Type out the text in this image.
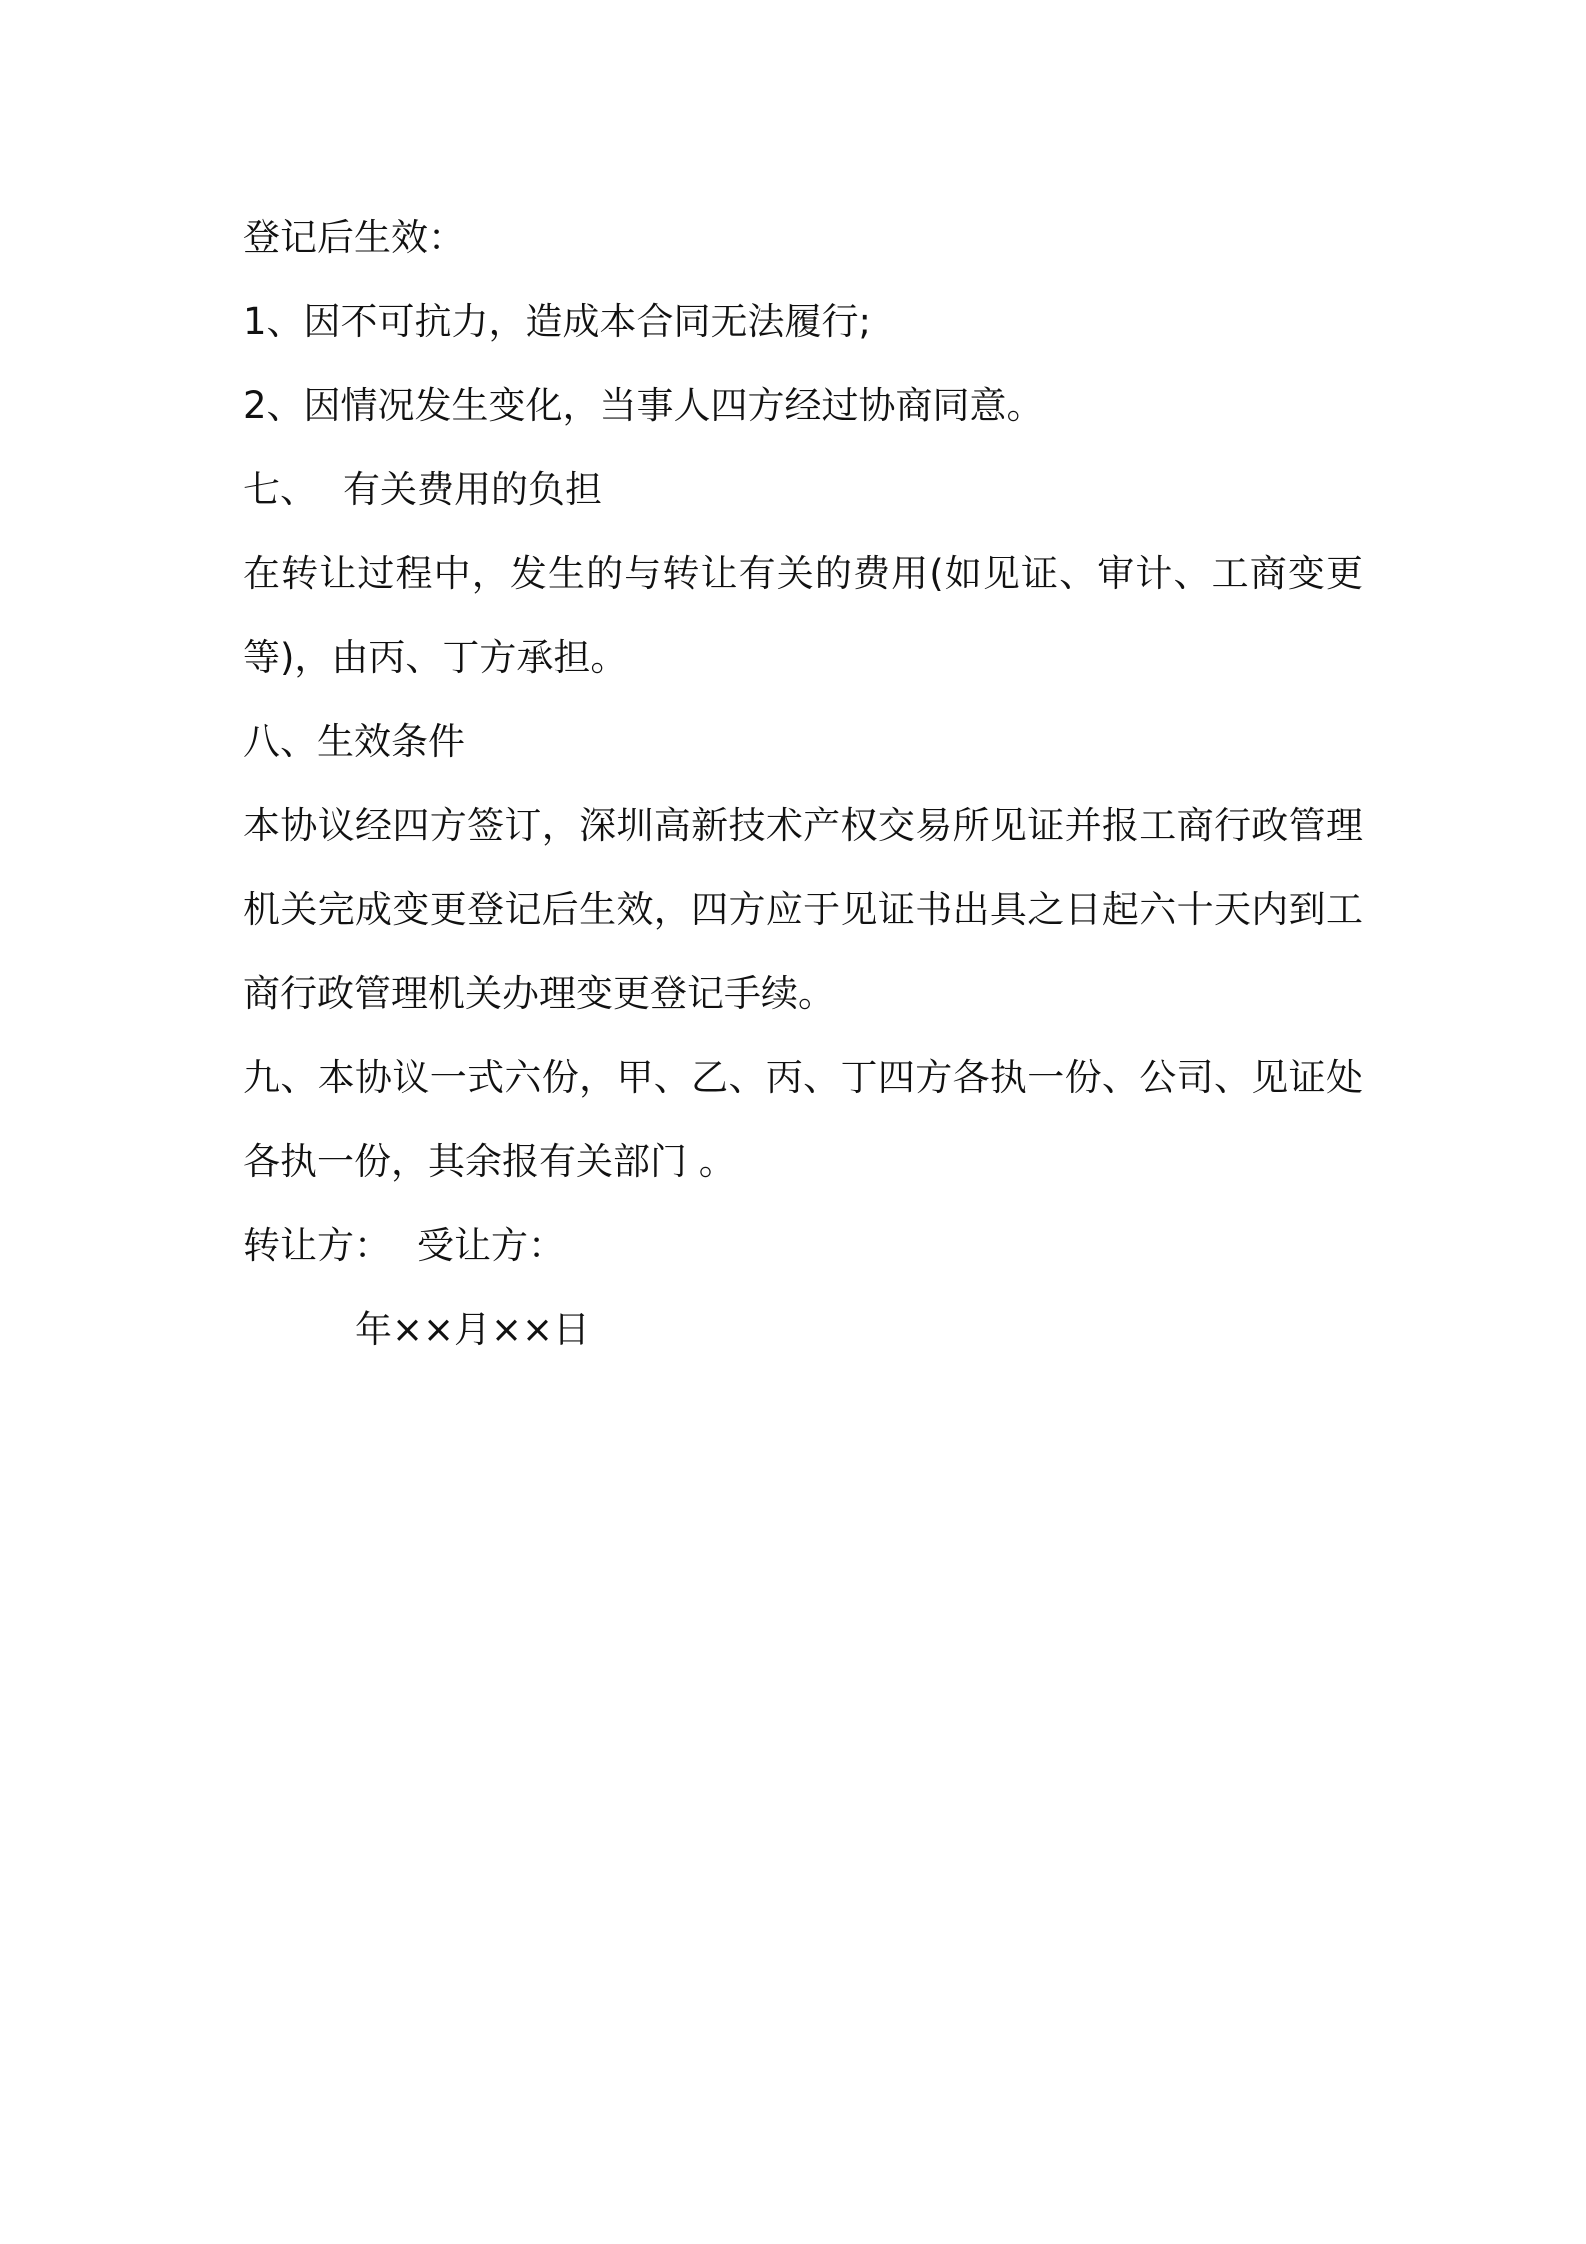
登记后生效：
1、因不可抗力，造成本合同无法履行;
2、因情况发生变化，当事人四方经过协商同意。
七、 有关费用的负担
在转让过程中，发生的与转让有关的费用(如见证、审计、工商变更等)，由丙、丁方承担。
八、生效条件
本协议经四方签订，深圳高新技术产权交易所见证并报工商行政管理机关完成变更登记后生效，四方应于见证书出具之日起六十天内到工商行政管理机关办理变更登记手续。
九、本协议一式六份，甲、乙、丙、丁四方各执一份、公司、见证处各执一份，其余报有关部门 。
转让方： 受让方：
年××月××日
